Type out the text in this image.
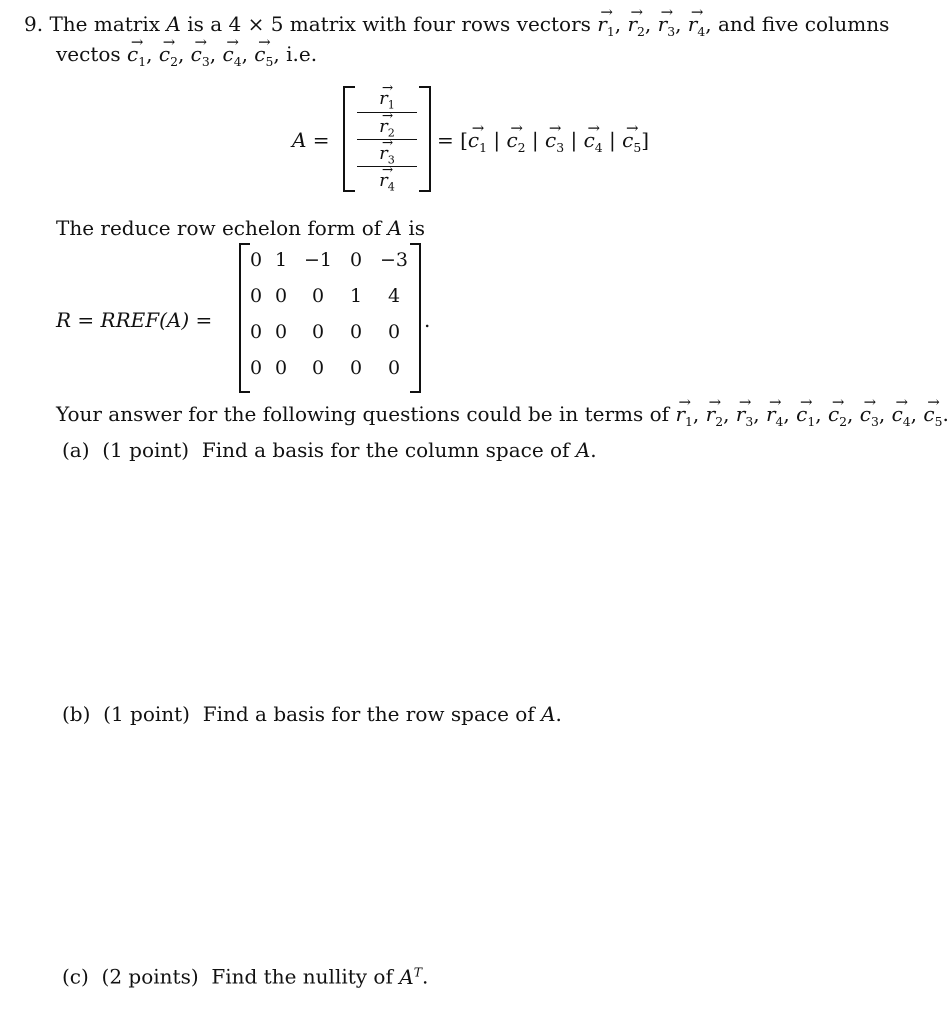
9. The matrix A is a 4 × 5 matrix with four rows vectors → $r_1$, → $r_2$, → $r_3$, → $r_4$, and five columns
vectos → $c_1$, → $c_2$, → $c_3$, → $c_4$, → $c_5$, i.e.
A =
→ $r_1$
→ $r_2$
→ $r_3$
→ $r_4$
= [→ $c_1$ | → $c_2$ | → $c_3$ | → $c_4$ | → $c_5$]
The reduce row echelon form of A is
R = RREF(A) =
0 1 −1 0 −3
0 0	0	1	4
0 0	0	0	0
0 0	0	0	0
.
Your answer for the following questions could be in terms of → $r_1$, → $r_2$, → $r_3$, → $r_4$, → $c_1$, → $c_2$, → $c_3$, → $c_4$, → $c_5$.
(a) (1 point) Find a basis for the column space of A.
(b) (1 point) Find a basis for the row space of A.
(c) (2 points) Find the nullity of $A^T$.
